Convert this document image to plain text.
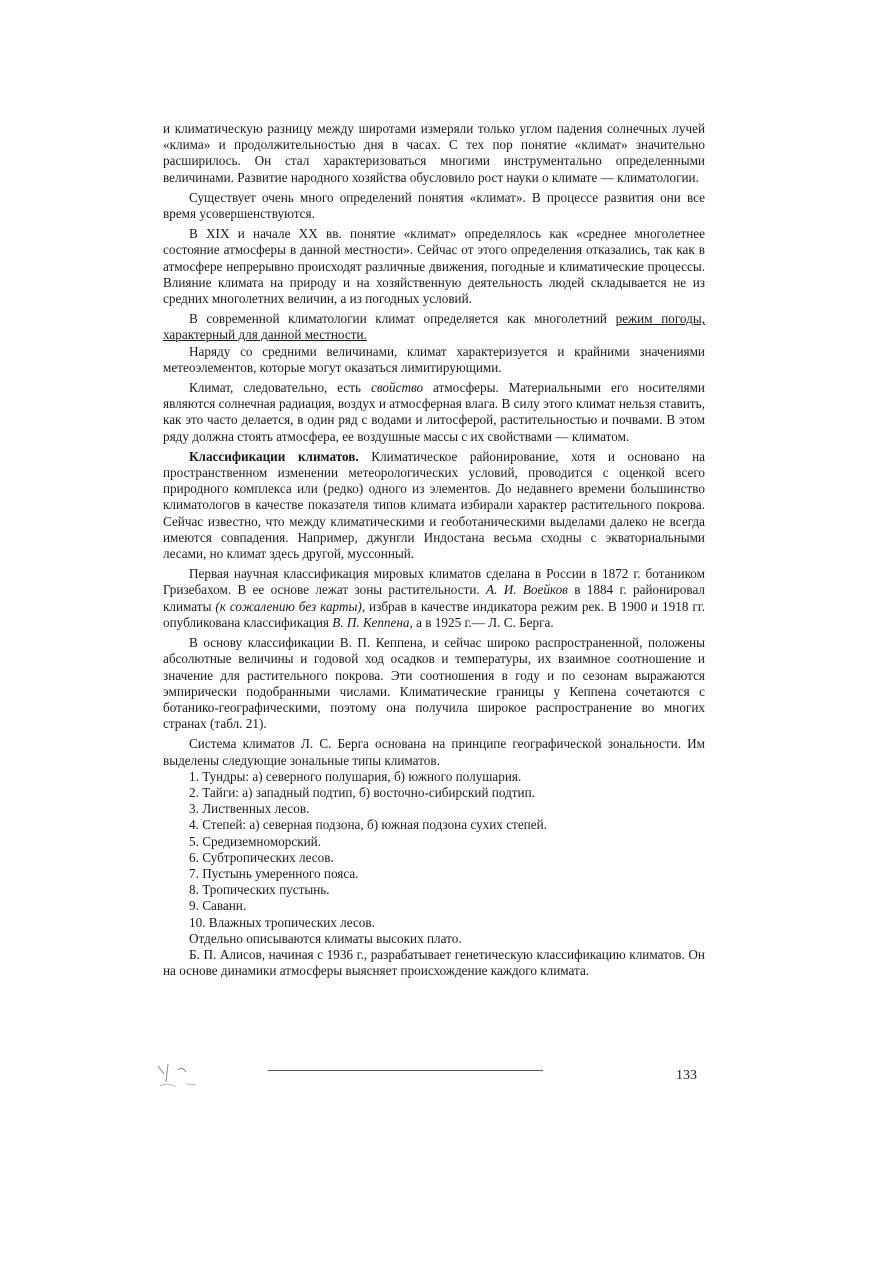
и климатическую разницу между широтами измеряли только углом падения солнечных лучей «клима» и продолжительностью дня в часах. С тех пор понятие «климат» значительно расширилось. Он стал характеризоваться многими инструментально определенными величинами. Развитие народного хозяйства обусловило рост науки о климате — климатологии.

Существует очень много определений понятия «климат». В процессе развития они все время усовершенствуются.

В XIX и начале XX вв. понятие «климат» определялось как «среднее многолетнее состояние атмосферы в данной местности». Сейчас от этого определения отказались, так как в атмосфере непрерывно происходят различные движения, погодные и климатические процессы. Влияние климата на природу и на хозяйственную деятельность людей складывается не из средних многолетних величин, а из погодных условий.

В современной климатологии климат определяется как многолетний режим погоды, характерный для данной местности.

Наряду со средними величинами, климат характеризуется и крайними значениями метеоэлементов, которые могут оказаться лимитирующими.

Климат, следовательно, есть свойство атмосферы. Материальными его носителями являются солнечная радиация, воздух и атмосферная влага. В силу этого климат нельзя ставить, как это часто делается, в один ряд с водами и литосферой, растительностью и почвами. В этом ряду должна стоять атмосфера, ее воздушные массы с их свойствами — климатом.

Классификации климатов. Климатическое районирование, хотя и основано на пространственном изменении метеорологических условий, проводится с оценкой всего природного комплекса или (редко) одного из элементов. До недавнего времени большинство климатологов в качестве показателя типов климата избирали характер растительного покрова. Сейчас известно, что между климатическими и геоботаническими выделами далеко не всегда имеются совпадения. Например, джунгли Индостана весьма сходны с экваториальными лесами, но климат здесь другой, муссонный.

Первая научная классификация мировых климатов сделана в России в 1872 г. ботаником Гризебахом. В ее основе лежат зоны растительности. А. И. Воейков в 1884 г. районировал климаты (к сожалению без карты), избрав в качестве индикатора режим рек. В 1900 и 1918 гг. опубликована классификация В. П. Кеппена, а в 1925 г.— Л. С. Берга.

В основу классификации В. П. Кеппена, и сейчас широко распространенной, положены абсолютные величины и годовой ход осадков и температуры, их взаимное соотношение и значение для растительного покрова. Эти соотношения в году и по сезонам выражаются эмпирически подобранными числами. Климатические границы у Кеппена сочетаются с ботанико-географическими, поэтому она получила широкое распространение во многих странах (табл. 21).

Система климатов Л. С. Берга основана на принципе географической зональности. Им выделены следующие зональные типы климатов.

1. Тундры: а) северного полушария, б) южного полушария.
2. Тайги: а) западный подтип, б) восточно-сибирский подтип.
3. Лиственных лесов.
4. Степей: а) северная подзона, б) южная подзона сухих степей.
5. Средиземноморский.
6. Субтропических лесов.
7. Пустынь умеренного пояса.
8. Тропических пустынь.
9. Саванн.
10. Влажных тропических лесов.

Отдельно описываются климаты высоких плато.

Б. П. Алисов, начиная с 1936 г., разрабатывает генетическую классификацию климатов. Он на основе динамики атмосферы выясняет происхождение каждого климата.

133
